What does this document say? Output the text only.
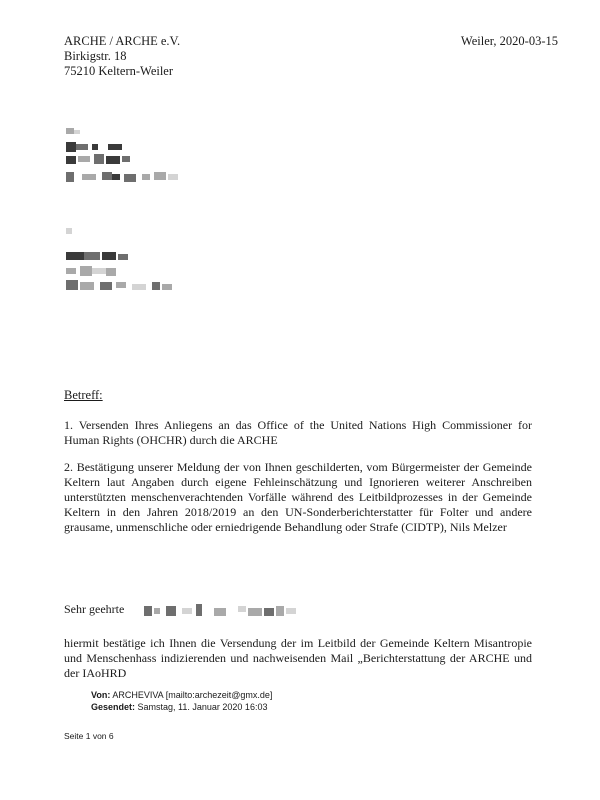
ARCHE / ARCHE e.V.
Birkigstr. 18
75210 Keltern-Weiler
Weiler, 2020-03-15
Betreff:
1. Versenden Ihres Anliegens an das Office of the United Nations High Commissioner for Human Rights (OHCHR) durch die ARCHE
2. Bestätigung unserer Meldung der von Ihnen geschilderten, vom Bürgermeister der Gemeinde Keltern laut Angaben durch eigene Fehleinschätzung und Ignorieren weiterer Anschreiben unterstützten menschenverachtenden Vorfälle während des Leitbildprozesses in der Gemeinde Keltern in den Jahren 2018/2019 an den UN-Sonderberichterstatter für Folter und andere grausame, unmenschliche oder erniedrigende Behandlung oder Strafe (CIDTP), Nils Melzer
Sehr geehrte
hiermit bestätige ich Ihnen die Versendung der im Leitbild der Gemeinde Keltern Misantropie und Menschenhass indizierenden und nachweisenden Mail „Berichterstattung der ARCHE und der IAoHRD
Von: ARCHEVIVA [mailto:archezeit@gmx.de]
Gesendet: Samstag, 11. Januar 2020 16:03
Seite 1 von 6
